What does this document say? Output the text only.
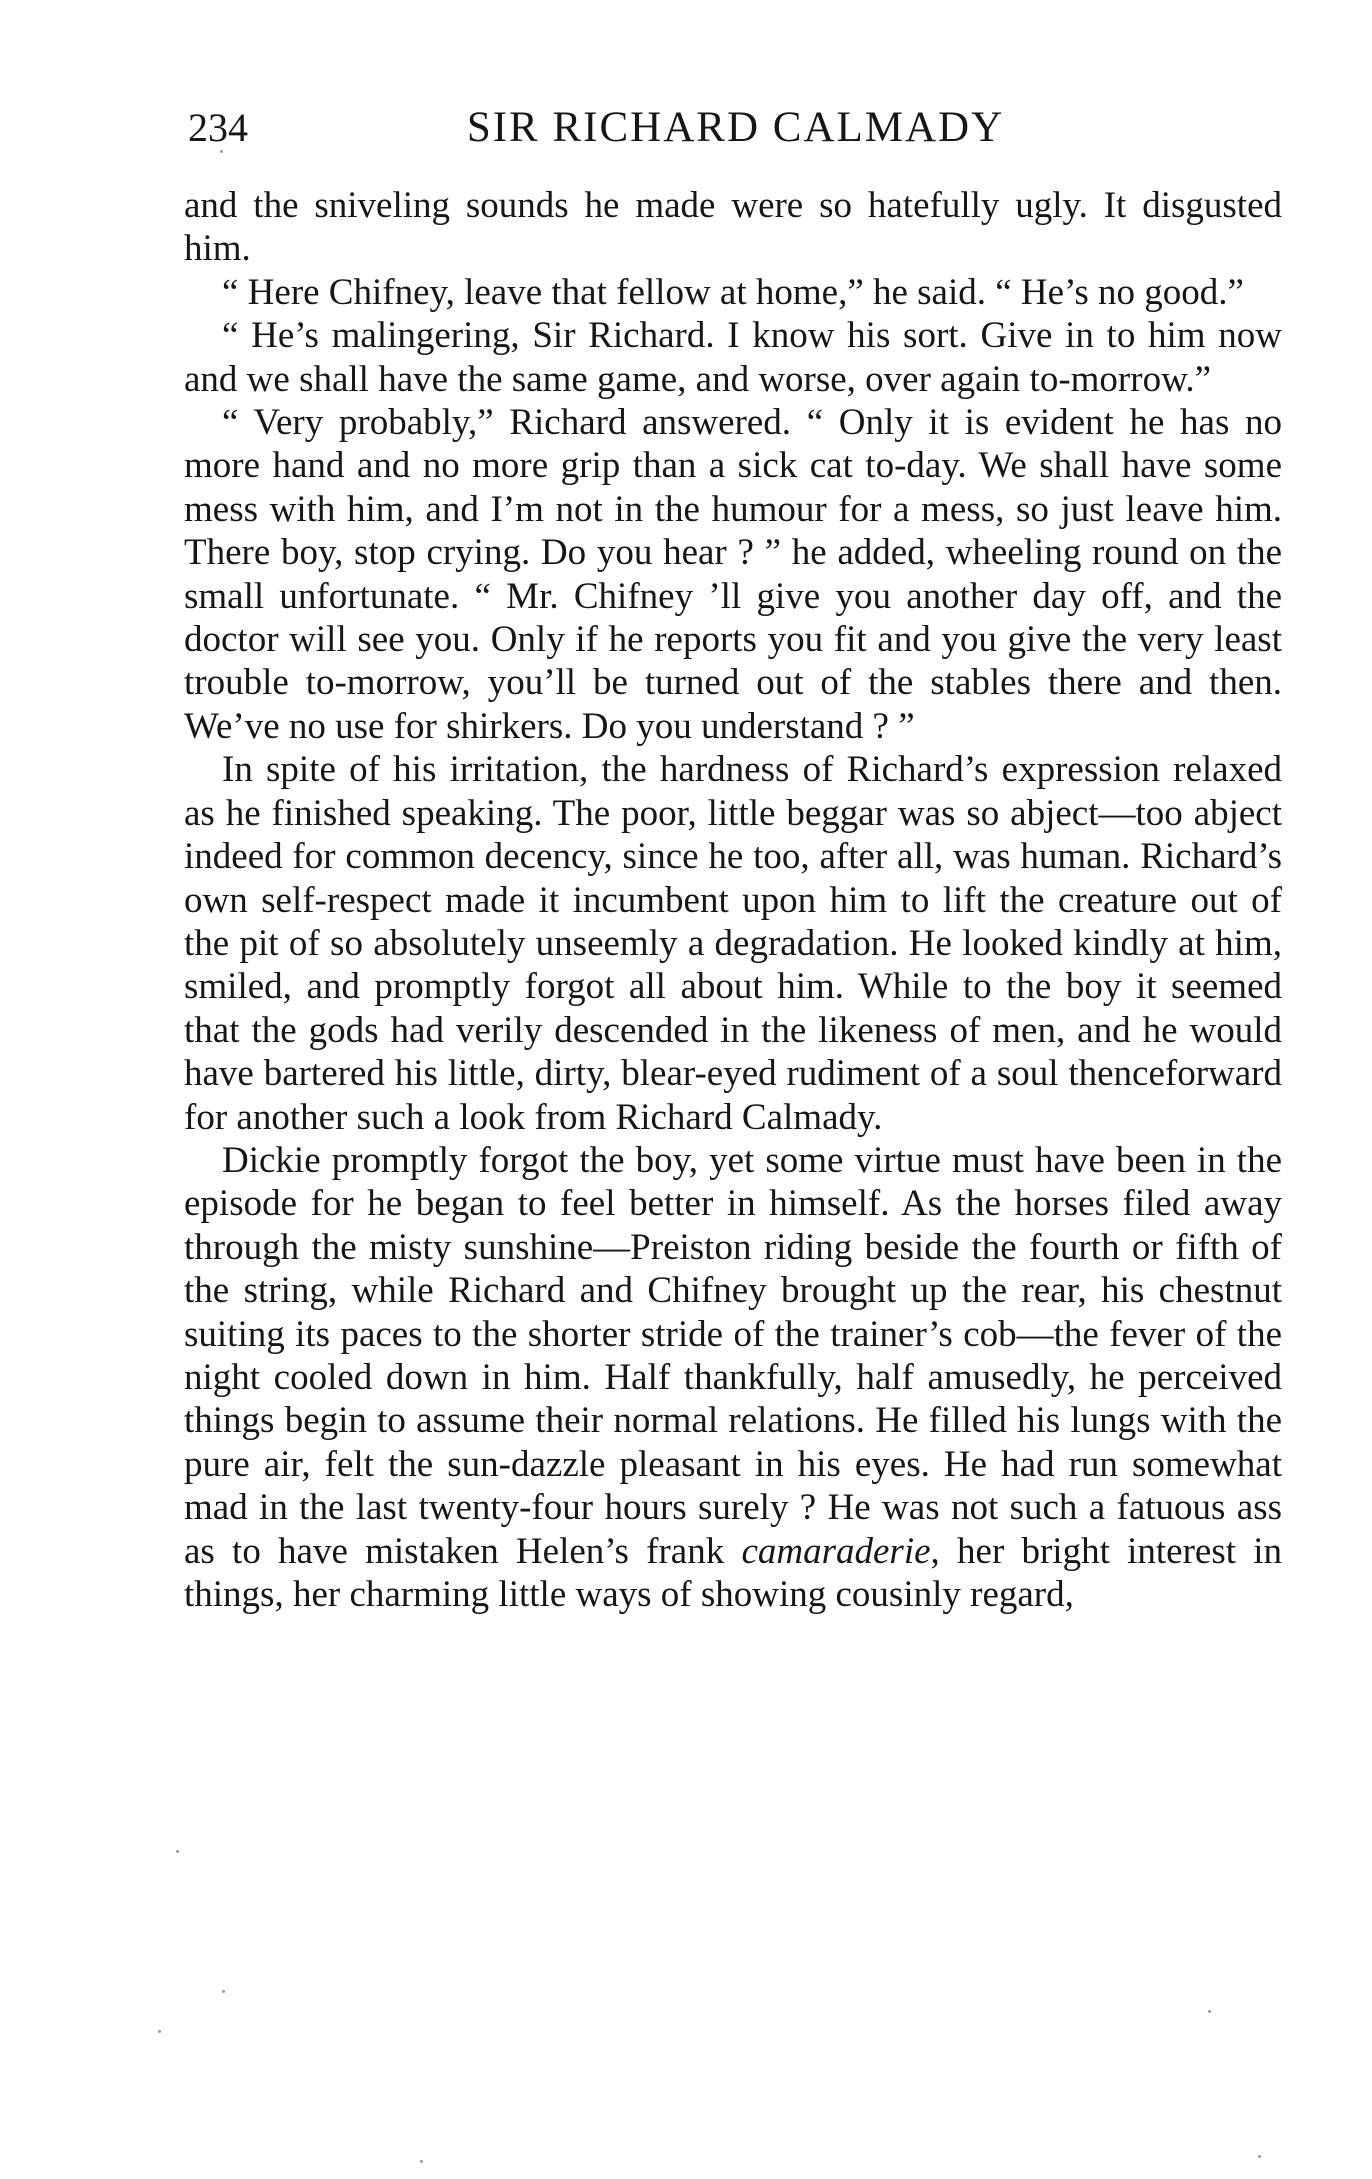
234	SIR RICHARD CALMADY

and the sniveling sounds he made were so hatefully ugly. It disgusted him.

“ Here Chifney, leave that fellow at home,” he said. “ He’s no good.”

“ He’s malingering, Sir Richard. I know his sort. Give in to him now and we shall have the same game, and worse, over again to-morrow.”

“ Very probably,” Richard answered. “ Only it is evident he has no more hand and no more grip than a sick cat to-day. We shall have some mess with him, and I’m not in the humour for a mess, so just leave him. There boy, stop crying. Do you hear ? ” he added, wheeling round on the small unfortunate. “ Mr. Chifney ’ll give you another day off, and the doctor will see you. Only if he reports you fit and you give the very least trouble to-morrow, you’ll be turned out of the stables there and then. We’ve no use for shirkers. Do you understand ? ”

In spite of his irritation, the hardness of Richard’s expression relaxed as he finished speaking. The poor, little beggar was so abject—too abject indeed for common decency, since he too, after all, was human. Richard’s own self-respect made it incumbent upon him to lift the creature out of the pit of so absolutely unseemly a degradation. He looked kindly at him, smiled, and promptly forgot all about him. While to the boy it seemed that the gods had verily descended in the likeness of men, and he would have bartered his little, dirty, blear-eyed rudiment of a soul thenceforward for another such a look from Richard Calmady.

Dickie promptly forgot the boy, yet some virtue must have been in the episode for he began to feel better in himself. As the horses filed away through the misty sunshine—Preiston riding beside the fourth or fifth of the string, while Richard and Chifney brought up the rear, his chestnut suiting its paces to the shorter stride of the trainer’s cob—the fever of the night cooled down in him. Half thankfully, half amusedly, he perceived things begin to assume their normal relations. He filled his lungs with the pure air, felt the sun-dazzle pleasant in his eyes. He had run somewhat mad in the last twenty-four hours surely ? He was not such a fatuous ass as to have mistaken Helen’s frank camaraderie, her bright interest in things, her charming little ways of showing cousinly regard,
